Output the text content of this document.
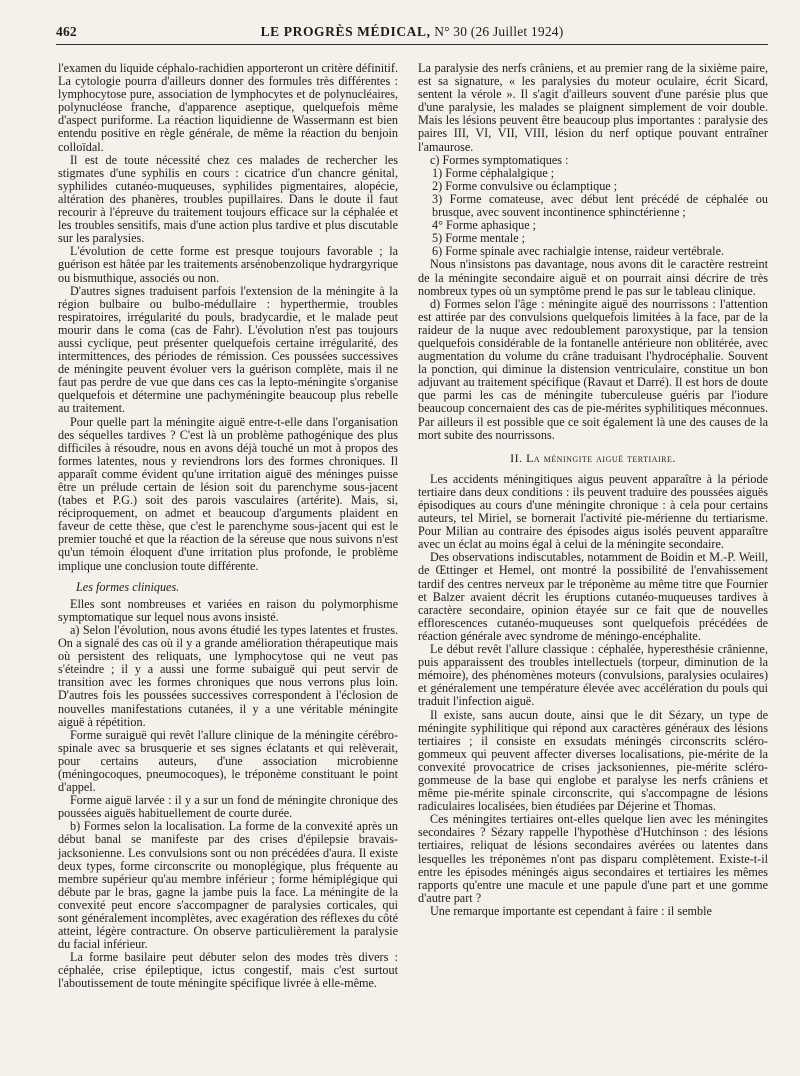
462	LE PROGRÈS MÉDICAL, N° 30 (26 Juillet 1924)

l'examen du liquide céphalo-rachidien apporteront un critère définitif. La cytologie pourra d'ailleurs donner des formules très différentes : lymphocytose pure, association de lymphocytes et de polynucléaires, polynucléose franche, d'apparence aseptique, quelquefois même d'aspect puriforme. La réaction liquidienne de Wassermann est bien entendu positive en règle générale, de même la réaction du benjoin colloïdal.

Il est de toute nécessité chez ces malades de rechercher les stigmates d'une syphilis en cours : cicatrice d'un chancre génital, syphilides cutanéo-muqueuses, syphilides pigmentaires, alopécie, altération des phanères, troubles pupillaires. Dans le doute il faut recourir à l'épreuve du traitement toujours efficace sur la céphalée et les troubles sensitifs, mais d'une action plus tardive et plus discutable sur les paralysies.

L'évolution de cette forme est presque toujours favorable ; la guérison est hâtée par les traitements arsénobenzolique hydrargyrique ou bismuthique, associés ou non.

D'autres signes traduisent parfois l'extension de la méningite à la région bulbaire ou bulbo-médullaire : hyperthermie, troubles respiratoires, irrégularité du pouls, bradycardie, et le malade peut mourir dans le coma (cas de Fahr). L'évolution n'est pas toujours aussi cyclique, peut présenter quelquefois certaine irrégularité, des intermittences, des périodes de rémission. Ces poussées successives de méningite peuvent évoluer vers la guérison complète, mais il ne faut pas perdre de vue que dans ces cas la lepto-méningite s'organise quelquefois et détermine une pachyméningite beaucoup plus rebelle au traitement.

Pour quelle part la méningite aiguë entre-t-elle dans l'organisation des séquelles tardives ? C'est là un problème pathogénique des plus difficiles à résoudre, nous en avons déjà touché un mot à propos des formes latentes, nous y reviendrons lors des formes chroniques. Il apparaît comme évident qu'une irritation aiguë des méninges puisse être un prélude certain de lésion soit du parenchyme sous-jacent (tabes et P.G.) soit des parois vasculaires (artérite). Mais, si, réciproquement, on admet et beaucoup d'arguments plaident en faveur de cette thèse, que c'est le parenchyme sous-jacent qui est le premier touché et que la réaction de la séreuse que nous suivons n'est qu'un témoin éloquent d'une irritation plus profonde, le problème implique une conclusion toute différente.

Les formes cliniques.

Elles sont nombreuses et variées en raison du polymorphisme symptomatique sur lequel nous avons insisté.

a) Selon l'évolution, nous avons étudié les types latentes et frustes. On a signalé des cas où il y a grande amélioration thérapeutique mais où persistent des reliquats, une lymphocytose qui ne veut pas s'éteindre ; il y a aussi une forme subaiguë qui peut servir de transition avec les formes chroniques que nous verrons plus loin. D'autres fois les poussées successives correspondent à l'éclosion de nouvelles manifestations cutanées, il y a une véritable méningite aiguë à répétition.

Forme suraiguë qui revêt l'allure clinique de la méningite cérébro-spinale avec sa brusquerie et ses signes éclatants et qui relèverait, pour certains auteurs, d'une association microbienne (méningocoques, pneumocoques), le tréponème constituant le point d'appel.

Forme aiguë larvée : il y a sur un fond de méningite chronique des poussées aiguës habituellement de courte durée.

b) Formes selon la localisation. La forme de la convexité après un début banal se manifeste par des crises d'épilepsie bravais-jacksonienne. Les convulsions sont ou non précédées d'aura. Il existe deux types, forme circonscrite ou monoplégique, plus fréquente au membre supérieur qu'au membre inférieur ; forme hémiplégique qui débute par le bras, gagne la jambe puis la face. La méningite de la convexité peut encore s'accompagner de paralysies corticales, qui sont généralement incomplètes, avec exagération des réflexes du côté atteint, légère contracture. On observe particulièrement la paralysie du facial inférieur.

La forme basilaire peut débuter selon des modes très divers : céphalée, crise épileptique, ictus congestif, mais c'est surtout l'aboutissement de toute méningite spécifique livrée à elle-même.

La paralysie des nerfs crâniens, et au premier rang de la sixième paire, est sa signature, « les paralysies du moteur oculaire, écrit Sicard, sentent la vérole ». Il s'agit d'ailleurs souvent d'une parésie plus que d'une paralysie, les malades se plaignent simplement de voir double. Mais les lésions peuvent être beaucoup plus importantes : paralysie des paires III, VI, VII, VIII, lésion du nerf optique pouvant entraîner l'amaurose.

c) Formes symptomatiques :

1) Forme céphalalgique ;

2) Forme convulsive ou éclamptique ;

3) Forme comateuse, avec début lent précédé de céphalée ou brusque, avec souvent incontinence sphinctérienne ;

4° Forme aphasique ;

5) Forme mentale ;

6) Forme spinale avec rachialgie intense, raideur vertébrale.

Nous n'insistons pas davantage, nous avons dit le caractère restreint de la méningite secondaire aiguë et on pourrait ainsi décrire de très nombreux types où un symptôme prend le pas sur le tableau clinique.

d) Formes selon l'âge : méningite aiguë des nourrissons : l'attention est attirée par des convulsions quelquefois limitées à la face, par de la raideur de la nuque avec redoublement paroxystique, par la tension quelquefois considérable de la fontanelle antérieure non oblitérée, avec augmentation du volume du crâne traduisant l'hydrocéphalie. Souvent la ponction, qui diminue la distension ventriculaire, constitue un bon adjuvant au traitement spécifique (Ravaut et Darré). Il est hors de doute que parmi les cas de méningite tuberculeuse guéris par l'iodure beaucoup concernaient des cas de pie-mérites syphilitiques méconnues. Par ailleurs il est possible que ce soit également là une des causes de la mort subite des nourrissons.

II. La méningite aiguë tertiaire.

Les accidents méningitiques aigus peuvent apparaître à la période tertiaire dans deux conditions : ils peuvent traduire des poussées aiguës épisodiques au cours d'une méningite chronique : à cela pour certains auteurs, tel Miriel, se bornerait l'activité pie-mérienne du tertiarisme. Pour Milian au contraire des épisodes aigus isolés peuvent apparaître avec un éclat au moins égal à celui de la méningite secondaire.

Des observations indiscutables, notamment de Boidin et M.-P. Weill, de Œttinger et Hemel, ont montré la possibilité de l'envahissement tardif des centres nerveux par le tréponème au même titre que Fournier et Balzer avaient décrit les éruptions cutanéo-muqueuses tardives à caractère secondaire, opinion étayée sur ce fait que de nouvelles efflorescences cutanéo-muqueuses sont quelquefois précédées de réaction générale avec syndrome de méningo-encéphalite.

Le début revêt l'allure classique : céphalée, hyperesthésie crânienne, puis apparaissent des troubles intellectuels (torpeur, diminution de la mémoire), des phénomènes moteurs (convulsions, paralysies oculaires) et généralement une température élevée avec accélération du pouls qui traduit l'infection aiguë.

Il existe, sans aucun doute, ainsi que le dit Sézary, un type de méningite syphilitique qui répond aux caractères généraux des lésions tertiaires ; il consiste en exsudats méningés circonscrits scléro-gommeux qui peuvent affecter diverses localisations, pie-mérite de la convexité provocatrice de crises jacksoniennes, pie-mérite scléro-gommeuse de la base qui englobe et paralyse les nerfs crâniens et même pie-mérite spinale circonscrite, qui s'accompagne de lésions radiculaires localisées, bien étudiées par Déjerine et Thomas.

Ces méningites tertiaires ont-elles quelque lien avec les méningites secondaires ? Sézary rappelle l'hypothèse d'Hutchinson : des lésions tertiaires, reliquat de lésions secondaires avérées ou latentes dans lesquelles les tréponèmes n'ont pas disparu complètement. Existe-t-il entre les épisodes méningés aigus secondaires et tertiaires les mêmes rapports qu'entre une macule et une papule d'une part et une gomme d'autre part ?

Une remarque importante est cependant à faire : il semble
